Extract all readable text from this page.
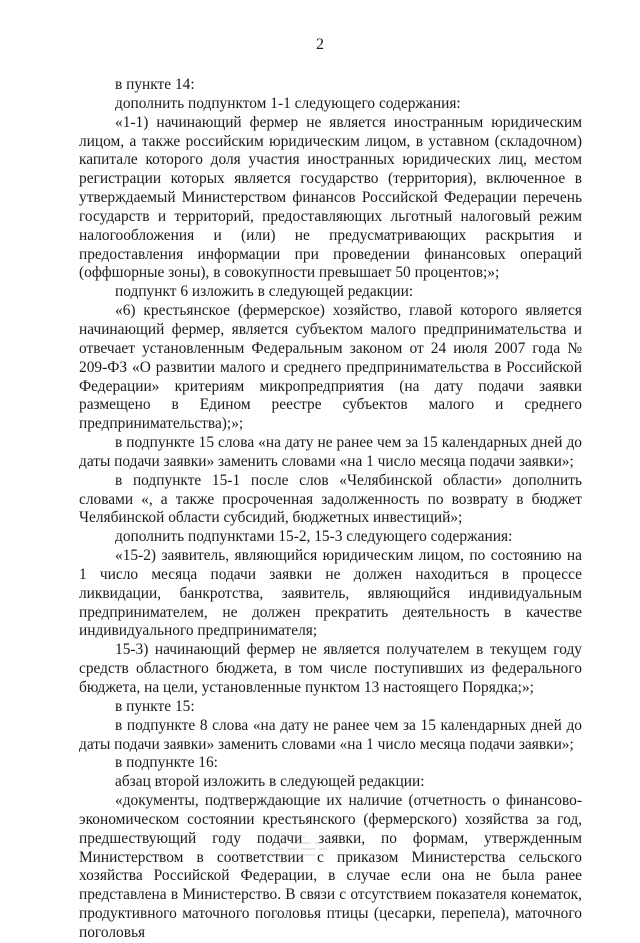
2

в пункте 14:

дополнить подпунктом 1-1 следующего содержания:

«1-1) начинающий фермер не является иностранным юридическим лицом, а также российским юридическим лицом, в уставном (складочном) капитале которого доля участия иностранных юридических лиц, местом регистрации которых является государство (территория), включенное в утверждаемый Министерством финансов Российской Федерации перечень государств и территорий, предоставляющих льготный налоговый режим налогообложения и (или) не предусматривающих раскрытия и предоставления информации при проведении финансовых операций (оффшорные зоны), в совокупности превышает 50 процентов;»;

подпункт 6 изложить в следующей редакции:

«6) крестьянское (фермерское) хозяйство, главой которого является начинающий фермер, является субъектом малого предпринимательства и отвечает установленным Федеральным законом от 24 июля 2007 года № 209-ФЗ «О развитии малого и среднего предпринимательства в Российской Федерации» критериям микропредприятия (на дату подачи заявки размещено в Едином реестре субъектов малого и среднего предпринимательства);»;

в подпункте 15 слова «на дату не ранее чем за 15 календарных дней до даты подачи заявки» заменить словами «на 1 число месяца подачи заявки»;

в подпункте 15-1 после слов «Челябинской области» дополнить словами «, а также просроченная задолженность по возврату в бюджет Челябинской области субсидий, бюджетных инвестиций»;

дополнить подпунктами 15-2, 15-3 следующего содержания:

«15-2) заявитель, являющийся юридическим лицом, по состоянию на 1 число месяца подачи заявки не должен находиться в процессе ликвидации, банкротства, заявитель, являющийся индивидуальным предпринимателем, не должен прекратить деятельность в качестве индивидуального предпринимателя;

15-3) начинающий фермер не является получателем в текущем году средств областного бюджета, в том числе поступивших из федерального бюджета, на цели, установленные пунктом 13 настоящего Порядка;»;

в пункте 15:

в подпункте 8 слова «на дату не ранее чем за 15 календарных дней до даты подачи заявки» заменить словами «на 1 число месяца подачи заявки»;

в подпункте 16:

абзац второй изложить в следующей редакции:

«документы, подтверждающие их наличие (отчетность о финансово-экономическом состоянии крестьянского (фермерского) хозяйства за год, предшествующий году подачи заявки, по формам, утвержденным Министерством в соответствии с приказом Министерства сельского хозяйства Российской Федерации, в случае если она не была ранее представлена в Министерство. В связи с отсутствием показателя конематок, продуктивного маточного поголовья птицы (цесарки, перепела), маточного поголовья
